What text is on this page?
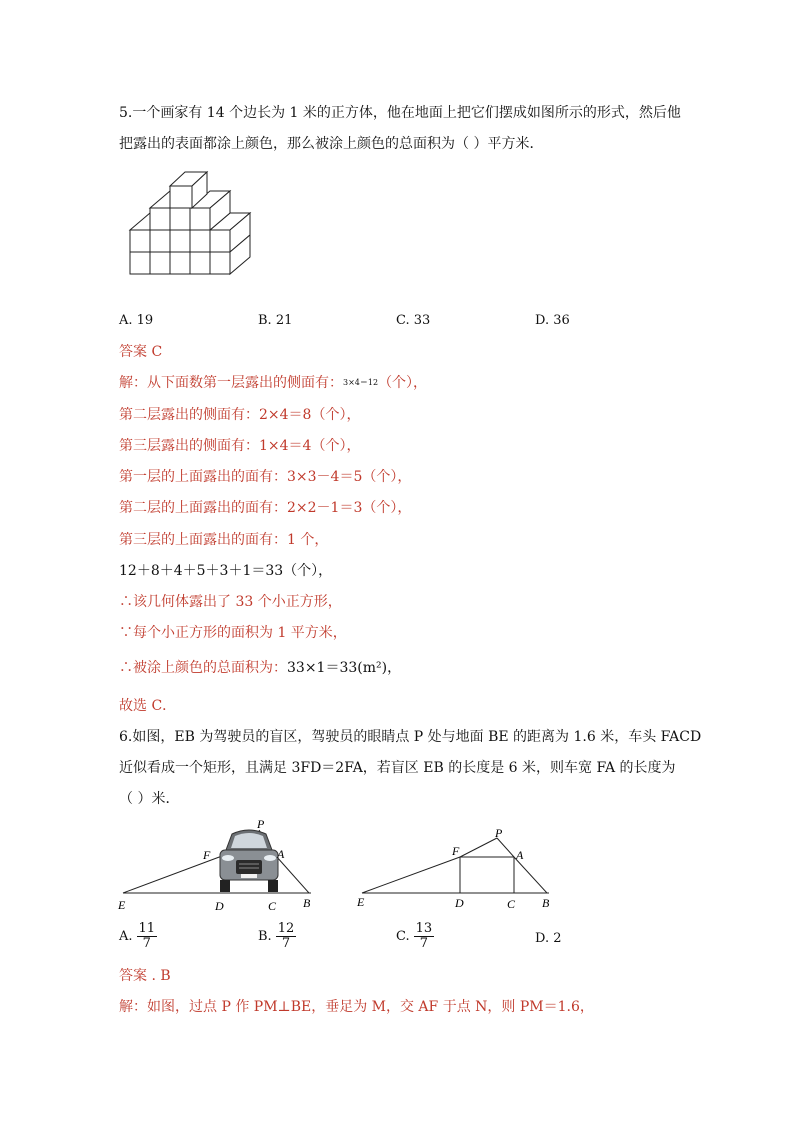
5.一个画家有 14 个边长为 1 米的正方体，他在地面上把它们摆成如图所示的形式，然后他
把露出的表面都涂上颜色，那么被涂上颜色的总面积为（ ）平方米．
A. 19	B. 21	C. 33	D. 36
答案 C
解：从下面数第一层露出的侧面有：3×4＝12（个），
第二层露出的侧面有：2×4＝8（个），
第三层露出的侧面有：1×4＝4（个），
第一层的上面露出的面有：3×3－4＝5（个），
第二层的上面露出的面有：2×2－1＝3（个），
第三层的上面露出的面有：1 个，
12＋8＋4＋5＋3＋1＝33（个），
∴该几何体露出了 33 个小正方形，
∵每个小正方形的面积为 1 平方米，
∴被涂上颜色的总面积为：33×1＝33(m²)，
故选 C．
6.如图，EB 为驾驶员的盲区，驾驶员的眼睛点 P 处与地面 BE 的距离为 1.6 米，车头 FACD
近似看成一个矩形，且满足 3FD＝2FA，若盲区 EB 的长度是 6 米，则车宽 FA 的长度为
（ ）米．
P
F	A
E	D	C B
P
F	A
E	D	C B
A. $\frac{11}{7}$	B. $\frac{12}{7}$	C. $\frac{13}{7}$	D. 2
答案 . B
解：如图，过点 P 作 PM⊥BE，垂足为 M，交 AF 于点 N，则 PM＝1.6，
